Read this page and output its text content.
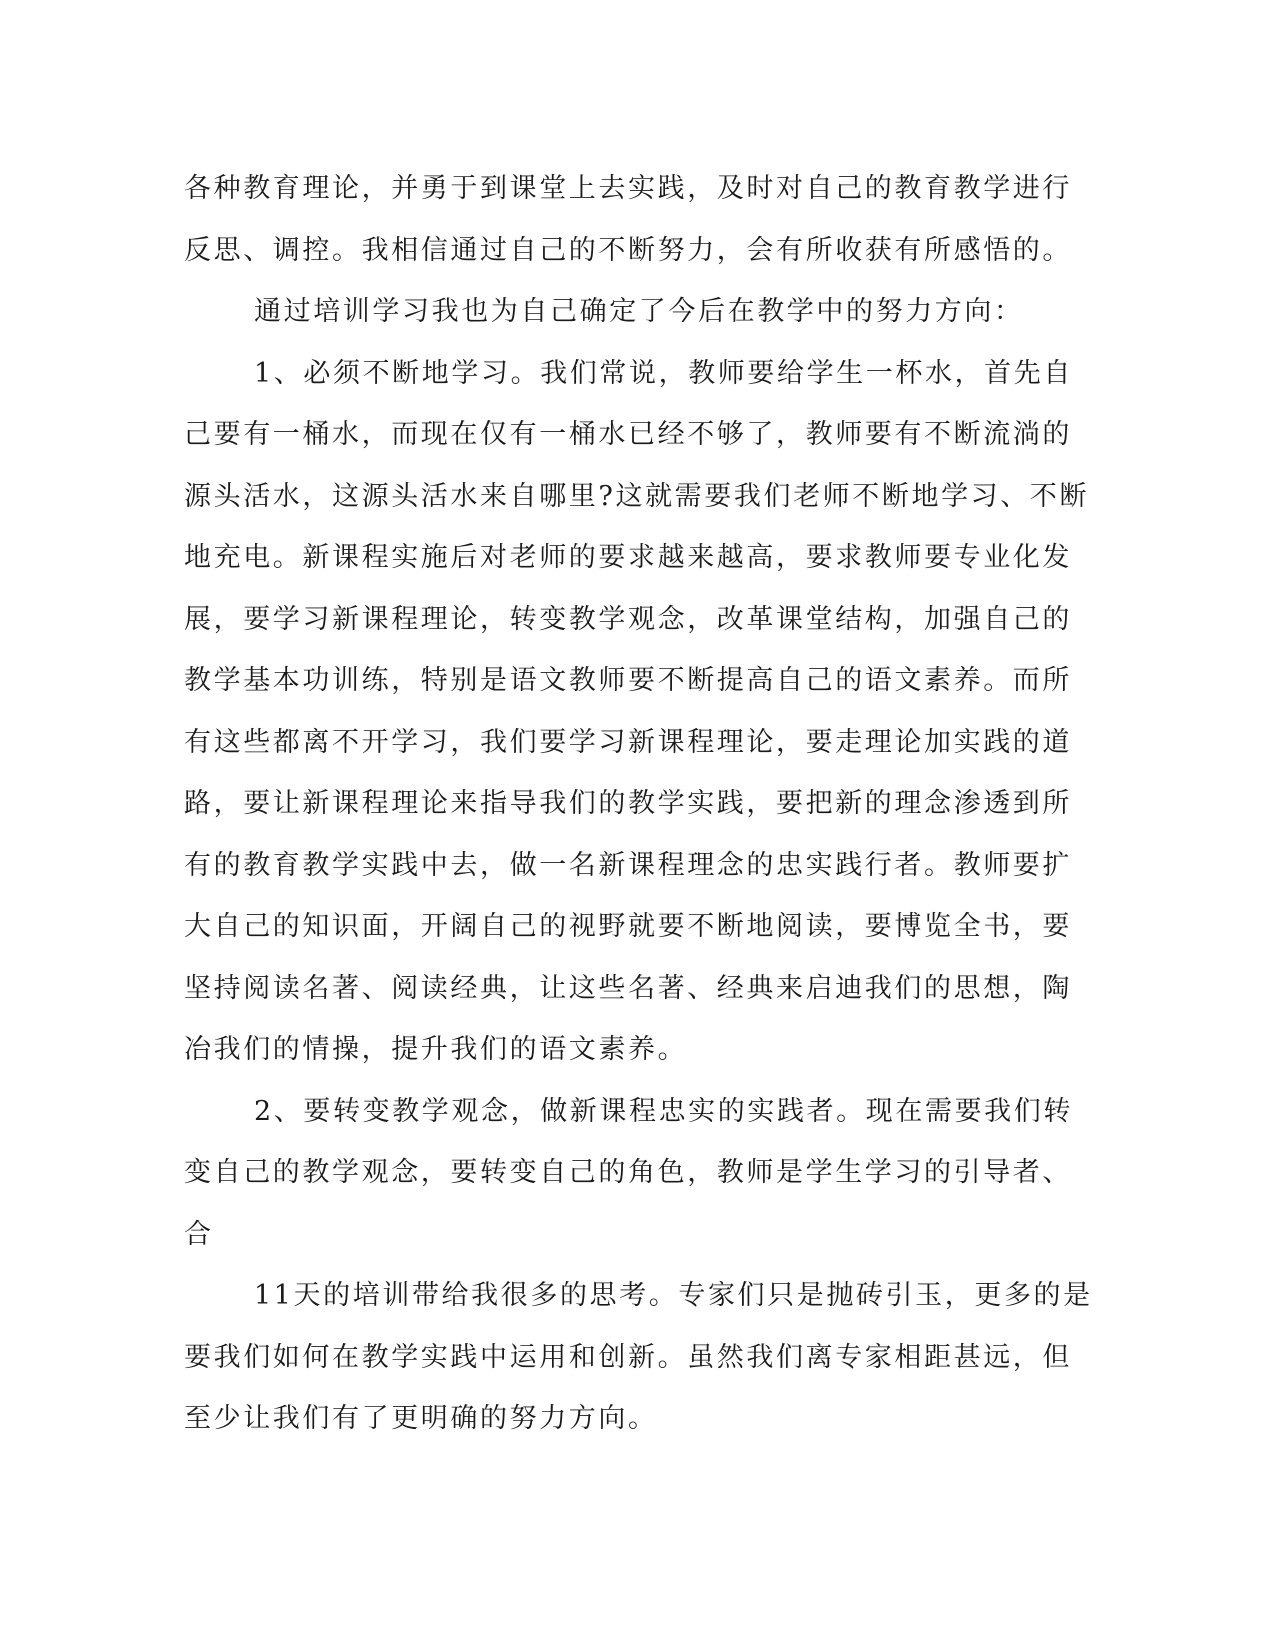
各种教育理论，并勇于到课堂上去实践，及时对自己的教育教学进行
反思、调控。我相信通过自己的不断努力，会有所收获有所感悟的。
通过培训学习我也为自己确定了今后在教学中的努力方向：
1、必须不断地学习。我们常说，教师要给学生一杯水，首先自
己要有一桶水，而现在仅有一桶水已经不够了，教师要有不断流淌的
源头活水，这源头活水来自哪里?这就需要我们老师不断地学习、不断
地充电。新课程实施后对老师的要求越来越高，要求教师要专业化发
展，要学习新课程理论，转变教学观念，改革课堂结构，加强自己的
教学基本功训练，特别是语文教师要不断提高自己的语文素养。而所
有这些都离不开学习，我们要学习新课程理论，要走理论加实践的道
路，要让新课程理论来指导我们的教学实践，要把新的理念渗透到所
有的教育教学实践中去，做一名新课程理念的忠实践行者。教师要扩
大自己的知识面，开阔自己的视野就要不断地阅读，要博览全书，要
坚持阅读名著、阅读经典，让这些名著、经典来启迪我们的思想，陶
冶我们的情操，提升我们的语文素养。
2、要转变教学观念，做新课程忠实的实践者。现在需要我们转
变自己的教学观念，要转变自己的角色，教师是学生学习的引导者、
合
11天的培训带给我很多的思考。专家们只是抛砖引玉，更多的是
要我们如何在教学实践中运用和创新。虽然我们离专家相距甚远，但
至少让我们有了更明确的努力方向。
